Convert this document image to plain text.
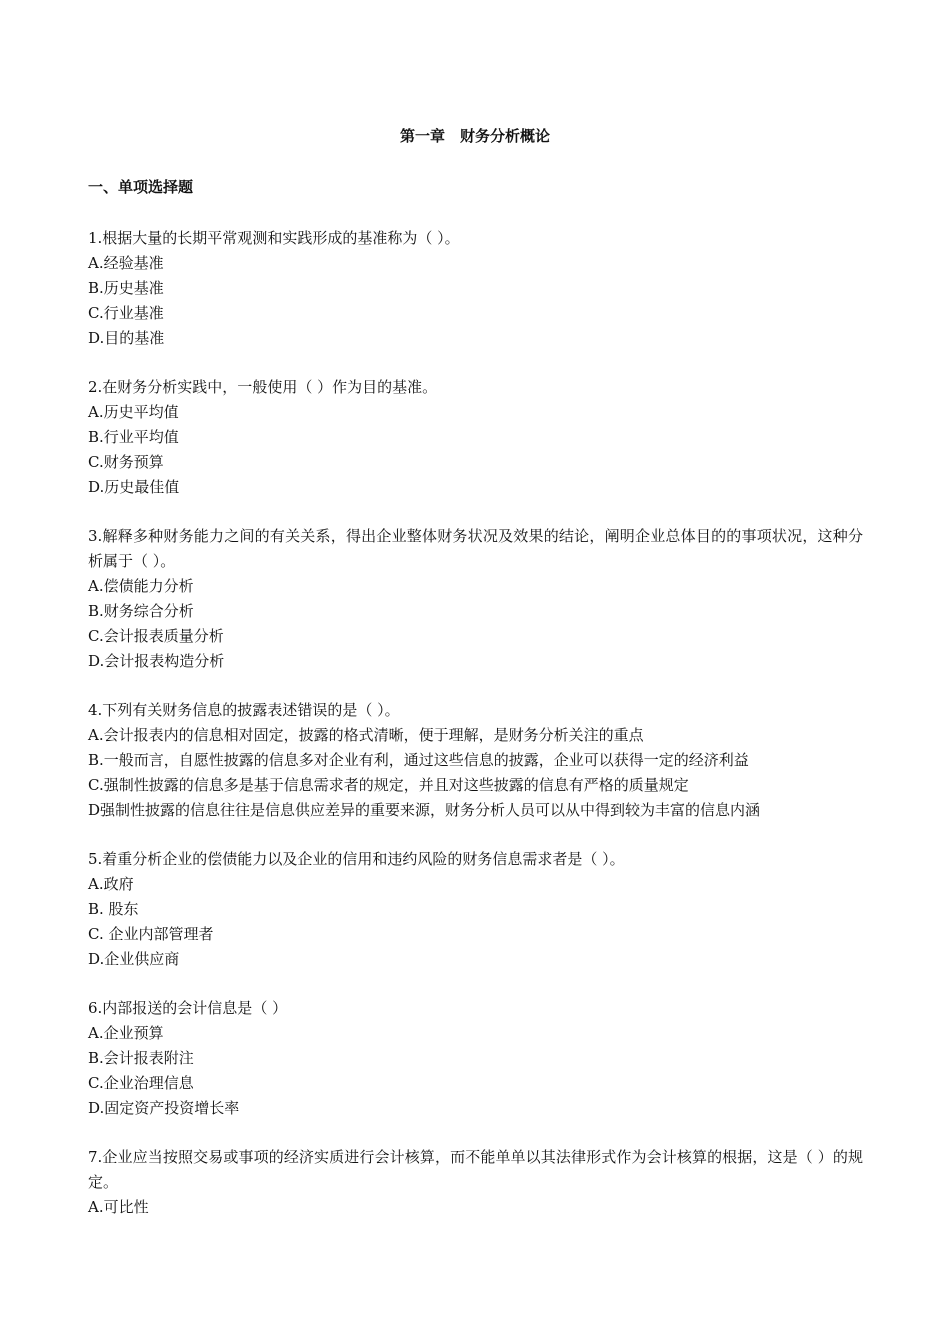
第一章　财务分析概论
一、单项选择题

1.根据大量的长期平常观测和实践形成的基准称为（ ）。

A.经验基准

B.历史基准

C.行业基准

D.目的基准

2.在财务分析实践中，一般使用（ ）作为目的基准。

A.历史平均值

B.行业平均值

C.财务预算

D.历史最佳值

3.解释多种财务能力之间的有关关系，得出企业整体财务状况及效果的结论，阐明企业总体目的的事项状况，这种分析属于（ ）。

A.偿债能力分析

B.财务综合分析

C.会计报表质量分析

D.会计报表构造分析

4.下列有关财务信息的披露表述错误的是（ ）。

A.会计报表内的信息相对固定，披露的格式清晰，便于理解，是财务分析关注的重点

B.一般而言，自愿性披露的信息多对企业有利，通过这些信息的披露，企业可以获得一定的经济利益

C.强制性披露的信息多是基于信息需求者的规定，并且对这些披露的信息有严格的质量规定

D强制性披露的信息往往是信息供应差异的重要来源，财务分析人员可以从中得到较为丰富的信息内涵

5.着重分析企业的偿债能力以及企业的信用和违约风险的财务信息需求者是（ ）。

A.政府

B. 股东

C. 企业内部管理者

D.企业供应商

6.内部报送的会计信息是（ ）

A.企业预算

B.会计报表附注

C.企业治理信息

D.固定资产投资增长率

7.企业应当按照交易或事项的经济实质进行会计核算，而不能单单以其法律形式作为会计核算的根据，这是（ ）的规定。

A.可比性
